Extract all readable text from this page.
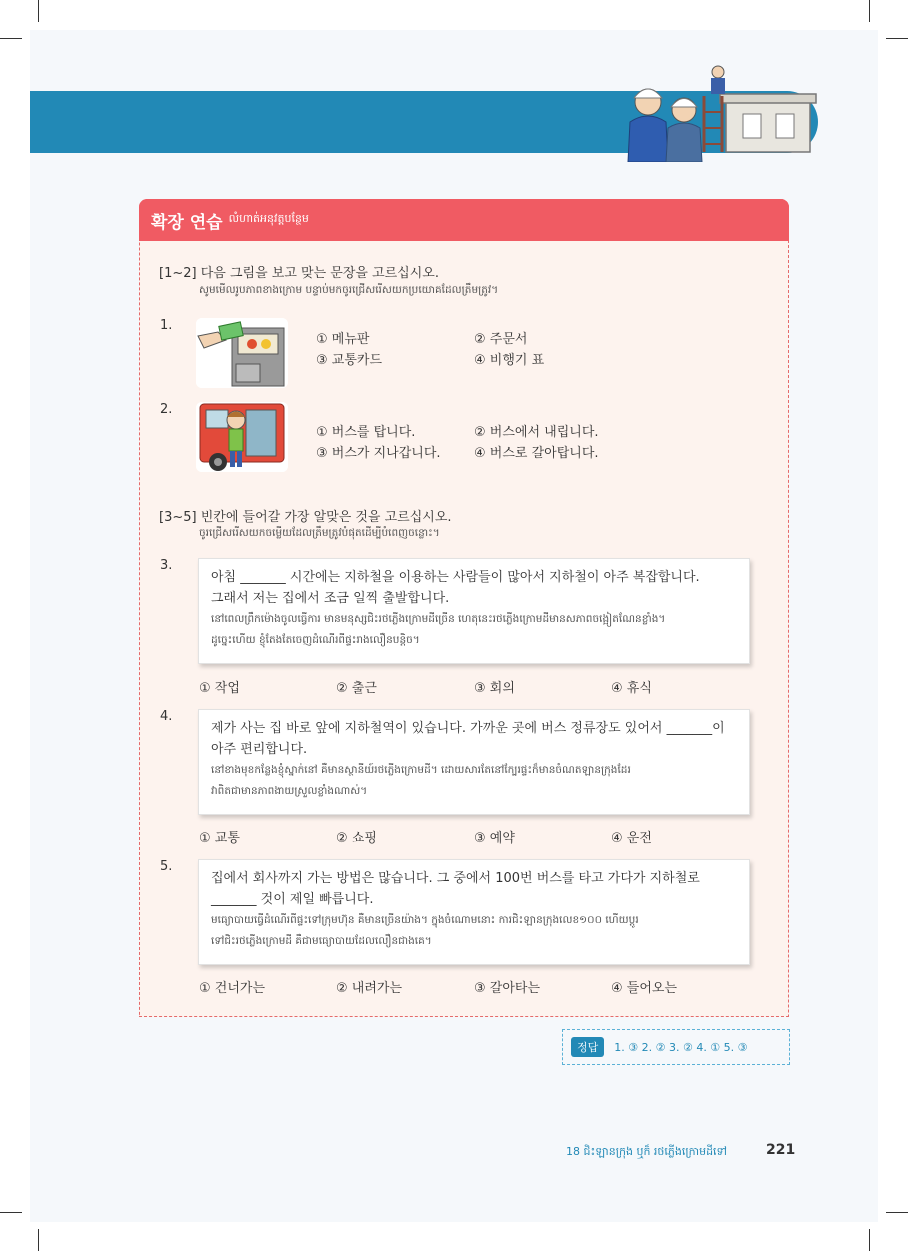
확장 연습 លំហាត់អនុវត្តបន្ថែម
[1~2] 다음 그림을 보고 맞는 문장을 고르십시오.
សូមមើលរូបភាពខាងក្រោម បន្ទាប់មកចូរជ្រើសរើសយកប្រយោគដែលត្រឹមត្រូវ។
1.
① 메뉴판	② 주문서
③ 교통카드	④ 비행기 표
2.
① 버스를 탑니다.	② 버스에서 내립니다.
③ 버스가 지나갑니다.	④ 버스로 갈아탑니다.
[3~5] 빈칸에 들어갈 가장 알맞은 것을 고르십시오.
ចូរជ្រើសរើសយកចម្លើយដែលត្រឹមត្រូវបំផុតដើម្បីបំពេញចន្លោះ។
3.
아침 _______ 시간에는 지하철을 이용하는 사람들이 많아서 지하철이 아주 복잡합니다.
그래서 저는 집에서 조금 일찍 출발합니다.
នៅពេលព្រឹកម៉ោងចូលធ្វើការ មានមនុស្សជិះរថភ្លើងក្រោមដីច្រើន ហេតុនេះរថភ្លើងក្រោមដីមានសភាពចង្អៀតណែនខ្លាំង។
ដូច្នេះហើយ ខ្ញុំតែងតែចេញដំណើរពីផ្ទះរាងលឿនបន្តិច។
① 작업	② 출근	③ 회의	④ 휴식
4.
제가 사는 집 바로 앞에 지하철역이 있습니다. 가까운 곳에 버스 정류장도 있어서 _______이
아주 편리합니다.
នៅខាងមុខកន្លែងខ្ញុំស្នាក់នៅ គឺមានស្ថានីយ៍រថភ្លើងក្រោមដី។ ដោយសារតែនៅក្បែរផ្ទះក៏មានចំណតឡានក្រុងដែរ
វាពិតជាមានភាពងាយស្រួលខ្លាំងណាស់។
① 교통	② 쇼핑	③ 예약	④ 운전
5.
집에서 회사까지 가는 방법은 많습니다. 그 중에서 100번 버스를 타고 가다가 지하철로
_______ 것이 제일 빠릅니다.
មធ្យោបាយធ្វើដំណើរពីផ្ទះទៅក្រុមហ៊ុន គឺមានច្រើនយ៉ាង។ ក្នុងចំណោមនោះ ការជិះឡានក្រុងលេខ១០០ ហើយប្តូរ
ទៅជិះរថភ្លើងក្រោមដី គឺជាមធ្យោបាយដែលលឿនជាងគេ។
① 건너가는	② 내려가는	③ 갈아타는	④ 들어오는
정답	1. ③ 2. ② 3. ② 4. ① 5. ③
18 ជិះឡានក្រុង ឬក៏ រថភ្លើងក្រោមដីទៅ	221
